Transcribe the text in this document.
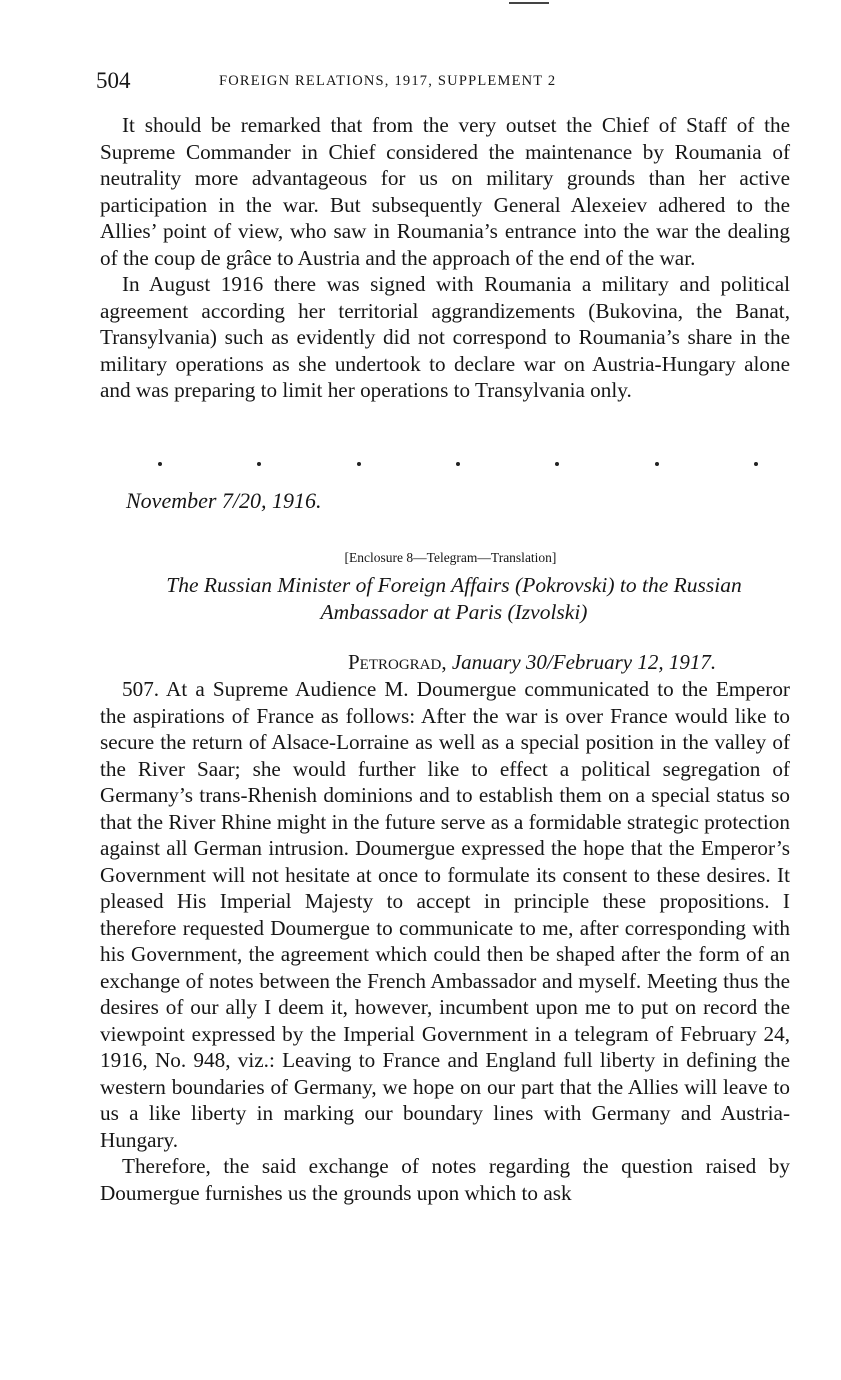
504	FOREIGN RELATIONS, 1917, SUPPLEMENT 2

It should be remarked that from the very outset the Chief of Staff of the Supreme Commander in Chief considered the maintenance by Roumania of neutrality more advantageous for us on military grounds than her active participation in the war. But subsequently General Alexeiev adhered to the Allies’ point of view, who saw in Roumania’s entrance into the war the dealing of the coup de grâce to Austria and the approach of the end of the war.

In August 1916 there was signed with Roumania a military and political agreement according her territorial aggrandizements (Bukovina, the Banat, Transylvania) such as evidently did not correspond to Roumania’s share in the military operations as she undertook to declare war on Austria-Hungary alone and was preparing to limit her operations to Transylvania only.

November 7/20, 1916.
[Enclosure 8—Telegram—Translation]
The Russian Minister of Foreign Affairs (Pokrovski) to the Russian
Ambassador at Paris (Izvolski)
Petrograd, January 30/February 12, 1917.

507. At a Supreme Audience M. Doumergue communicated to the Emperor the aspirations of France as follows: After the war is over France would like to secure the return of Alsace-Lorraine as well as a special position in the valley of the River Saar; she would further like to effect a political segregation of Germany’s trans-Rhenish dominions and to establish them on a special status so that the River Rhine might in the future serve as a formidable strategic protection against all German intrusion. Doumergue expressed the hope that the Emperor’s Government will not hesitate at once to formulate its consent to these desires. It pleased His Imperial Majesty to accept in principle these propositions. I therefore requested Doumergue to communicate to me, after corresponding with his Government, the agreement which could then be shaped after the form of an exchange of notes between the French Ambassador and myself. Meeting thus the desires of our ally I deem it, however, incumbent upon me to put on record the viewpoint expressed by the Imperial Government in a telegram of February 24, 1916, No. 948, viz.: Leaving to France and England full liberty in defining the western boundaries of Germany, we hope on our part that the Allies will leave to us a like liberty in marking our boundary lines with Germany and Austria-Hungary.

Therefore, the said exchange of notes regarding the question raised by Doumergue furnishes us the grounds upon which to ask
